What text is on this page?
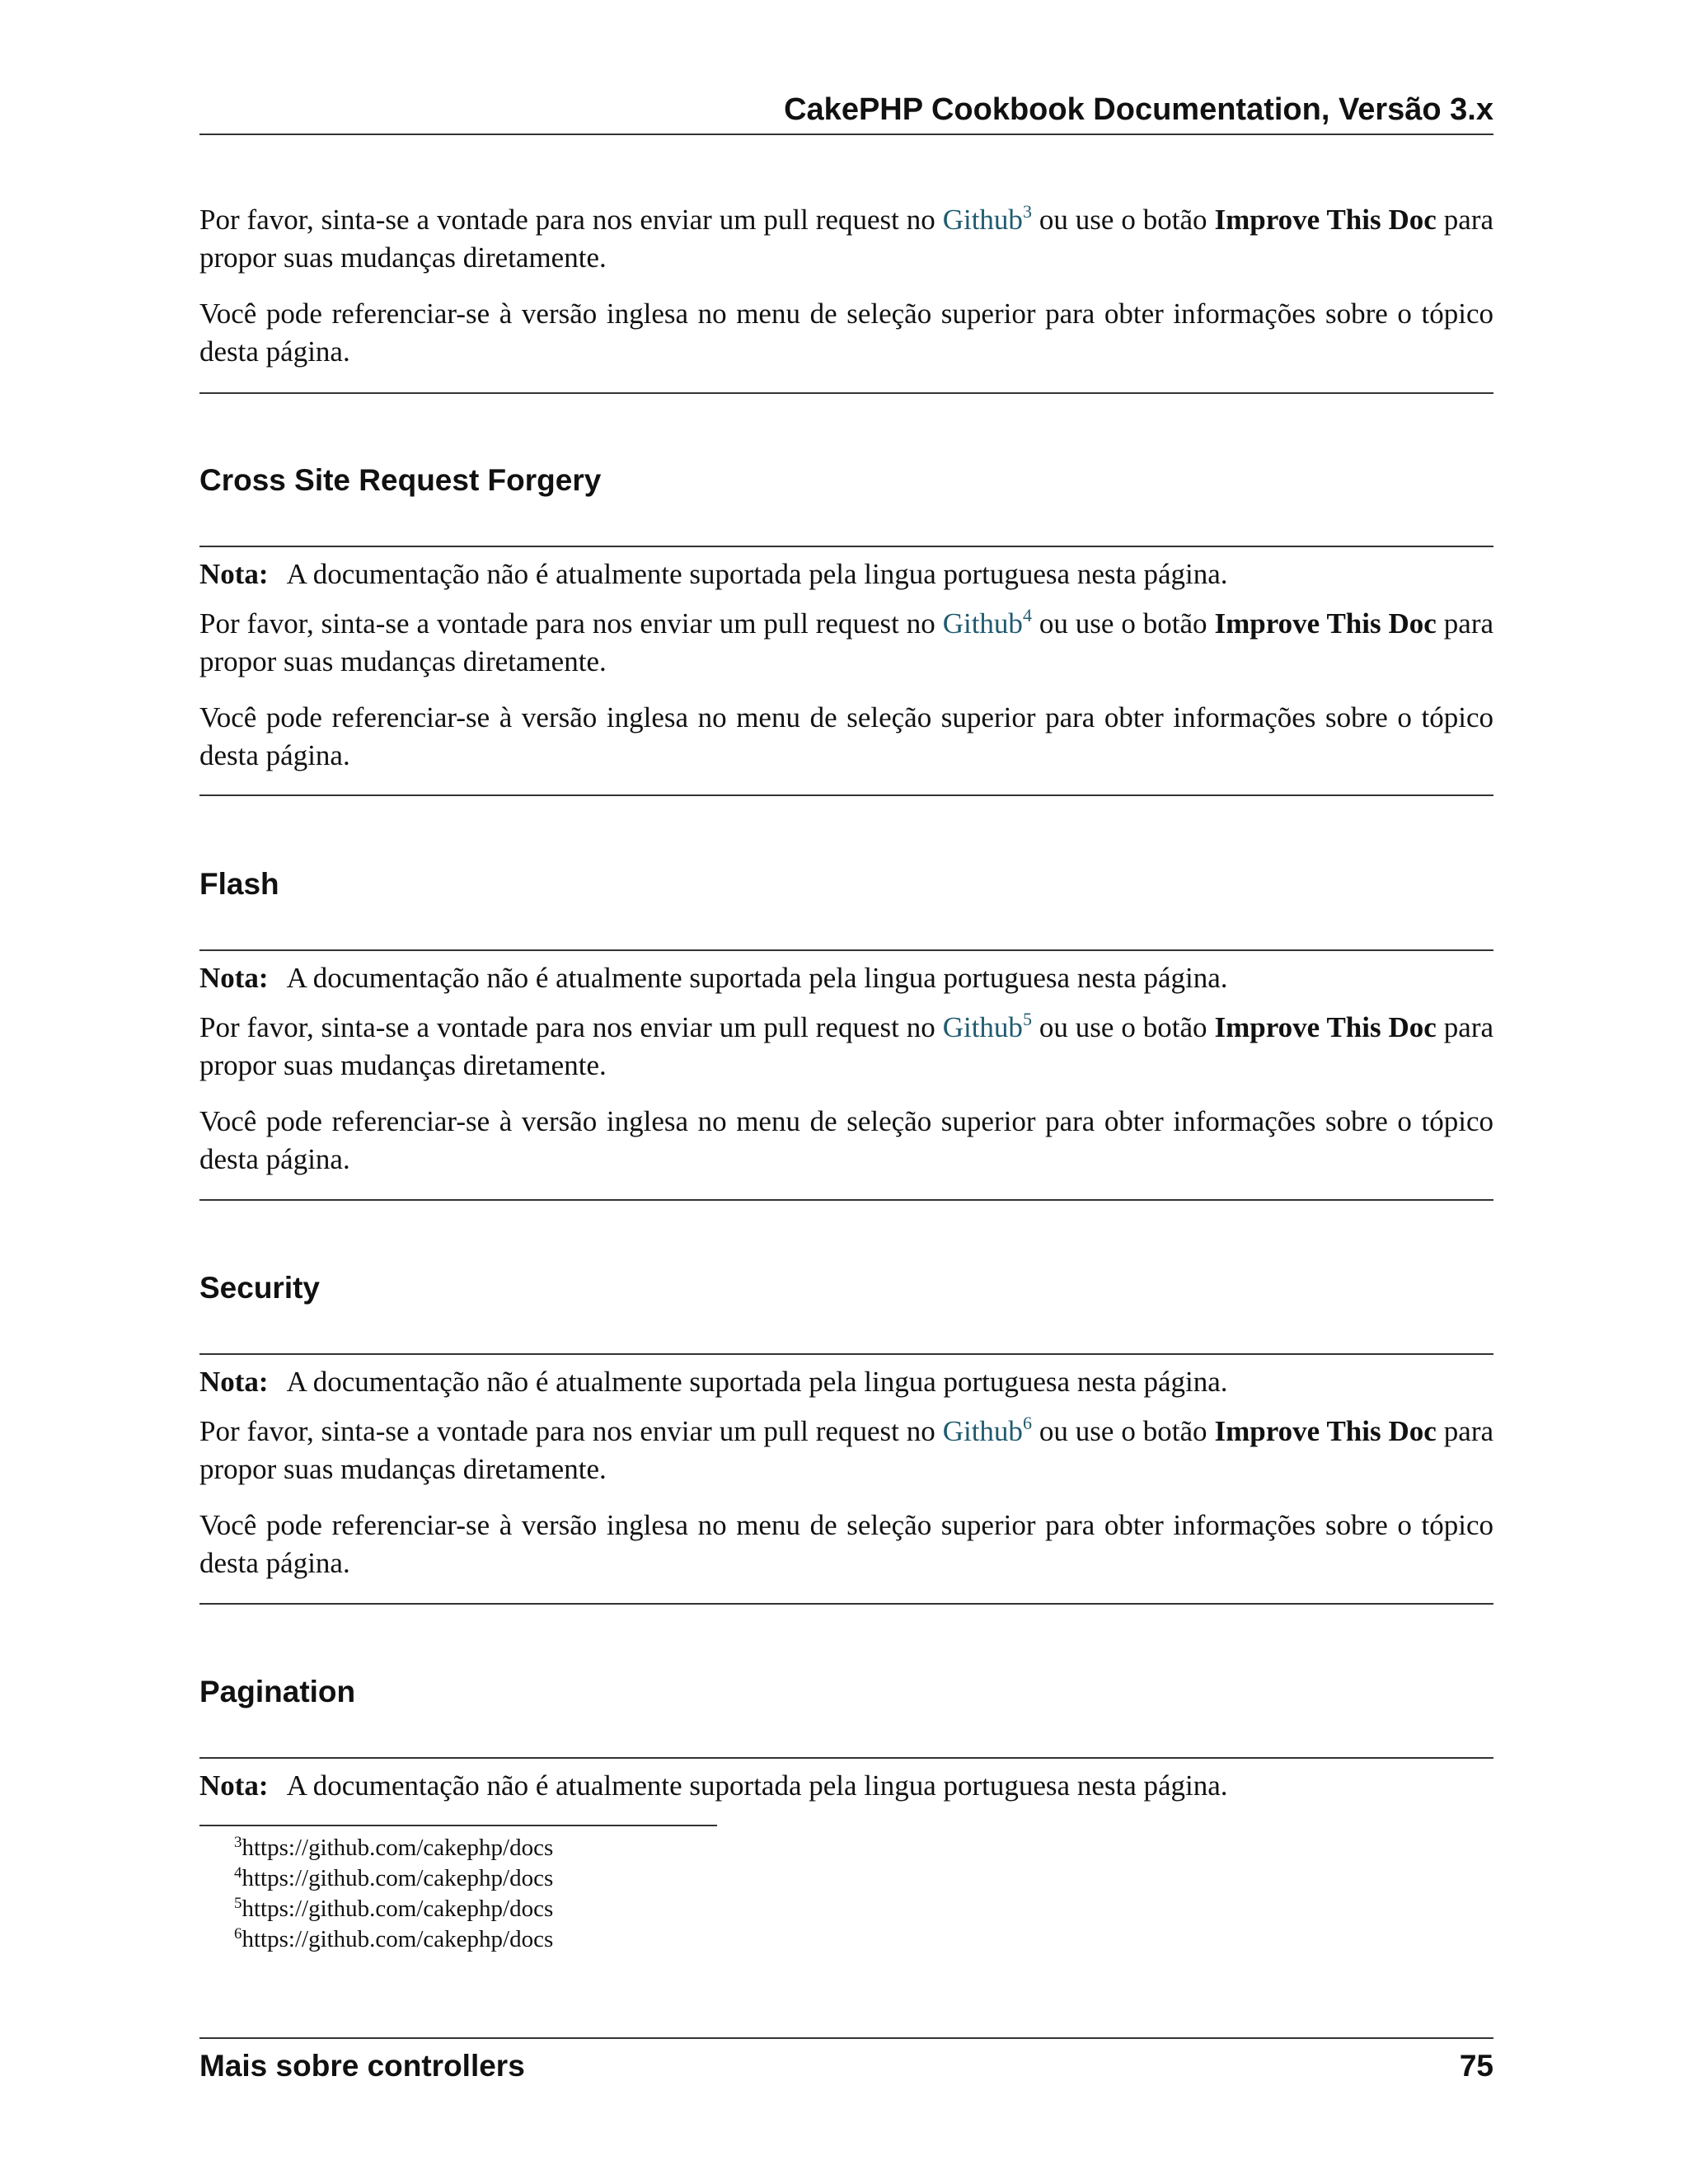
CakePHP Cookbook Documentation, Versão 3.x

Por favor, sinta-se a vontade para nos enviar um pull request no Github$^3$ ou use o botão Improve This Doc para propor suas mudanças diretamente.

Você pode referenciar-se à versão inglesa no menu de seleção superior para obter informações sobre o tópico desta página.

Cross Site Request Forgery

Nota: A documentação não é atualmente suportada pela lingua portuguesa nesta página.

Por favor, sinta-se a vontade para nos enviar um pull request no Github$^4$ ou use o botão Improve This Doc para propor suas mudanças diretamente.

Você pode referenciar-se à versão inglesa no menu de seleção superior para obter informações sobre o tópico desta página.

Flash

Nota: A documentação não é atualmente suportada pela lingua portuguesa nesta página.

Por favor, sinta-se a vontade para nos enviar um pull request no Github$^5$ ou use o botão Improve This Doc para propor suas mudanças diretamente.

Você pode referenciar-se à versão inglesa no menu de seleção superior para obter informações sobre o tópico desta página.

Security

Nota: A documentação não é atualmente suportada pela lingua portuguesa nesta página.

Por favor, sinta-se a vontade para nos enviar um pull request no Github$^6$ ou use o botão Improve This Doc para propor suas mudanças diretamente.

Você pode referenciar-se à versão inglesa no menu de seleção superior para obter informações sobre o tópico desta página.

Pagination

Nota: A documentação não é atualmente suportada pela lingua portuguesa nesta página.

$^3$https://github.com/cakephp/docs
$^4$https://github.com/cakephp/docs
$^5$https://github.com/cakephp/docs
$^6$https://github.com/cakephp/docs
Mais sobre controllers	75
